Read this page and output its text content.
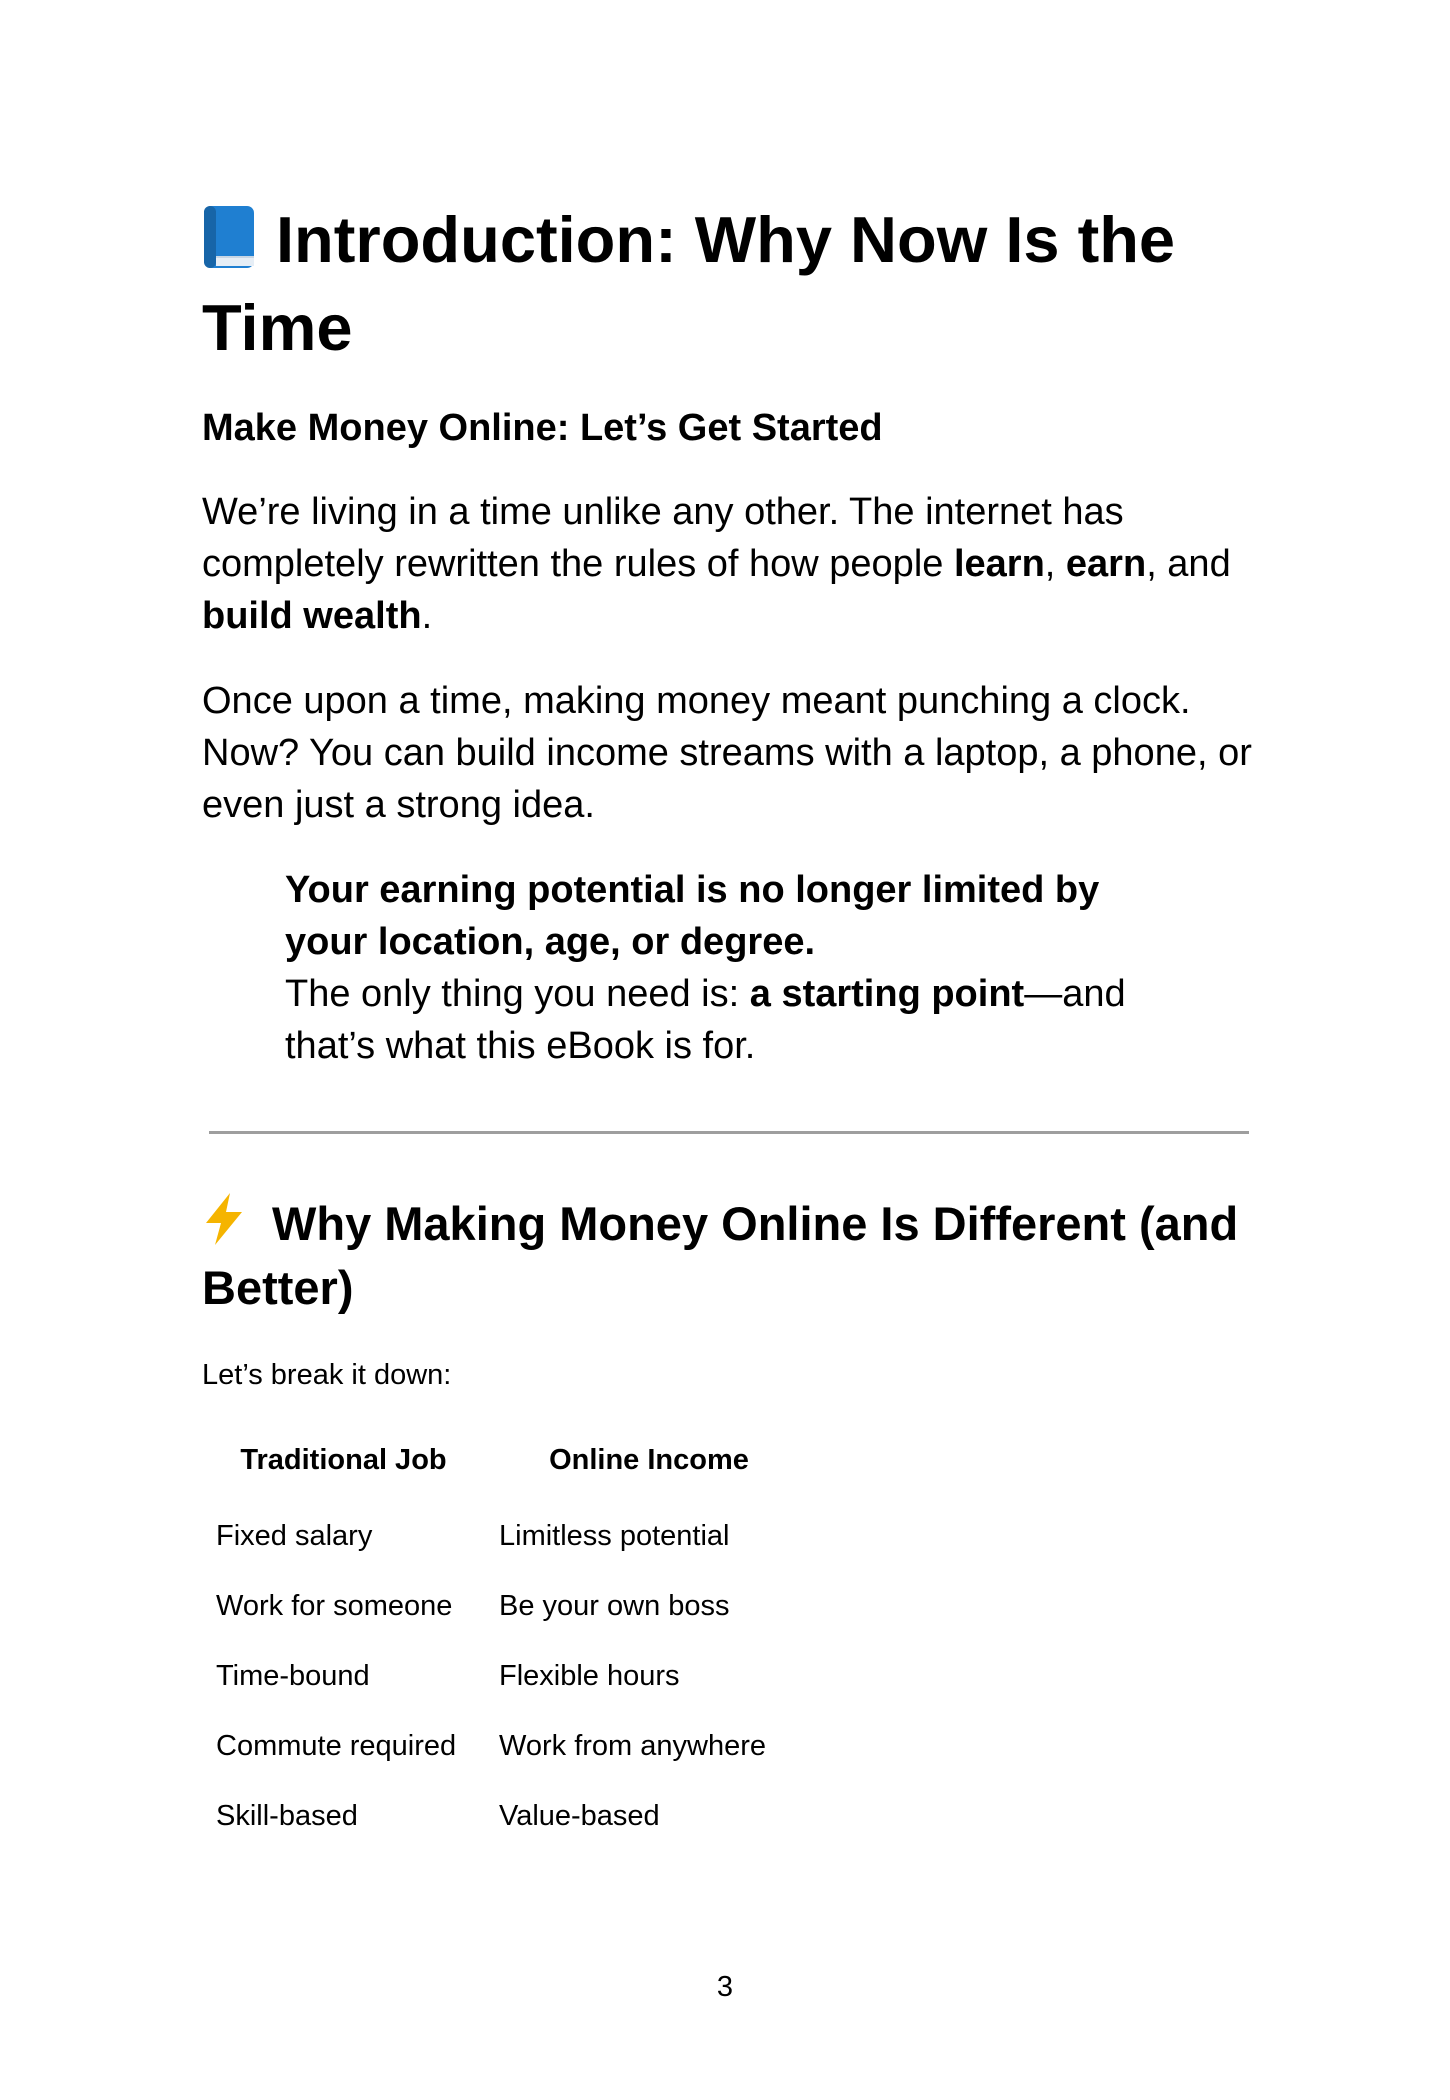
Introduction: Why Now Is the Time

Make Money Online: Let’s Get Started

We’re living in a time unlike any other. The internet has completely rewritten the rules of how people learn, earn, and build wealth.

Once upon a time, making money meant punching a clock.
Now? You can build income streams with a laptop, a phone, or even just a strong idea.

Your earning potential is no longer limited by your location, age, or degree.
The only thing you need is: a starting point—and that’s what this eBook is for.
Why Making Money Online Is Different (and Better)

Let’s break it down:

Traditional Job	Online Income
Fixed salary	Limitless potential
Work for someone	Be your own boss
Time-bound	Flexible hours
Commute required	Work from anywhere
Skill-based	Value-based

3
